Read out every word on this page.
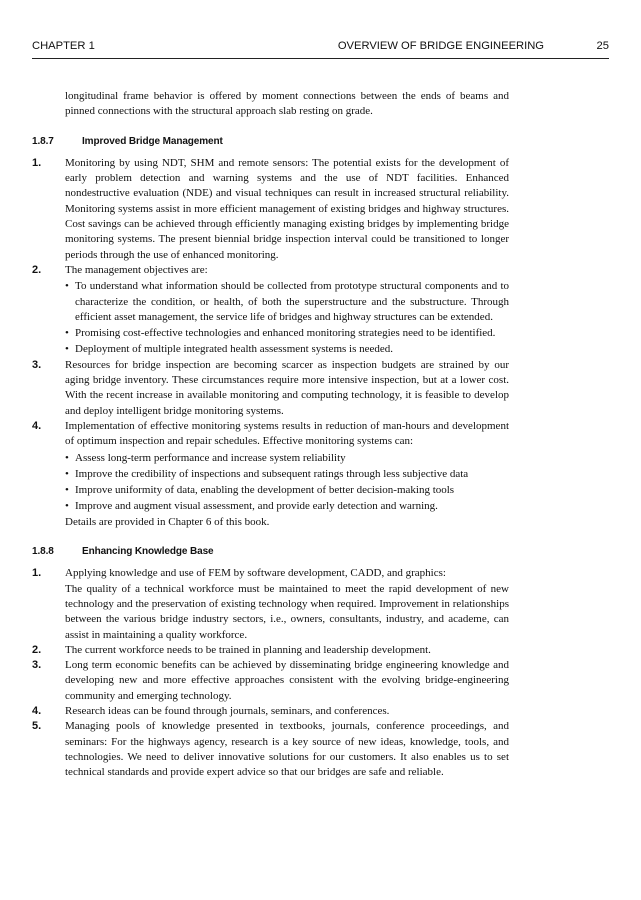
CHAPTER 1	OVERVIEW OF BRIDGE ENGINEERING	25

longitudinal frame behavior is offered by moment connections between the ends of beams and pinned connections with the structural approach slab resting on grade.

1.8.7	Improved Bridge Management
1.	Monitoring by using NDT, SHM and remote sensors: The potential exists for the development of early problem detection and warning systems and the use of NDT facilities. Enhanced nondestructive evaluation (NDE) and visual techniques can result in increased structural reliability. Monitoring systems assist in more efficient management of existing bridges and highway structures. Cost savings can be achieved through efficiently managing existing bridges by implementing bridge monitoring systems. The present biennial bridge inspection interval could be transitioned to longer periods through the use of enhanced monitoring.
2.	The management objectives are:
• To understand what information should be collected from prototype structural components and to characterize the condition, or health, of both the superstructure and the substructure. Through efficient asset management, the service life of bridges and highway structures can be extended.
• Promising cost-effective technologies and enhanced monitoring strategies need to be identified.
• Deployment of multiple integrated health assessment systems is needed.
3.	Resources for bridge inspection are becoming scarcer as inspection budgets are strained by our aging bridge inventory. These circumstances require more intensive inspection, but at a lower cost. With the recent increase in available monitoring and computing technology, it is feasible to develop and deploy intelligent bridge monitoring systems.
4.	Implementation of effective monitoring systems results in reduction of man-hours and development of optimum inspection and repair schedules. Effective monitoring systems can:
• Assess long-term performance and increase system reliability
• Improve the credibility of inspections and subsequent ratings through less subjective data
• Improve uniformity of data, enabling the development of better decision-making tools
• Improve and augment visual assessment, and provide early detection and warning.

Details are provided in Chapter 6 of this book.

1.8.8	Enhancing Knowledge Base
1.	Applying knowledge and use of FEM by software development, CADD, and graphics:

The quality of a technical workforce must be maintained to meet the rapid development of new technology and the preservation of existing technology when required. Improvement in relationships between the various bridge industry sectors, i.e., owners, consultants, industry, and academe, can assist in maintaining a quality workforce.

2.	The current workforce needs to be trained in planning and leadership development.
3.	Long term economic benefits can be achieved by disseminating bridge engineering knowledge and developing new and more effective approaches consistent with the evolving bridge-engineering community and emerging technology.
4.	Research ideas can be found through journals, seminars, and conferences.
5.	Managing pools of knowledge presented in textbooks, journals, conference proceedings, and seminars: For the highways agency, research is a key source of new ideas, knowledge, tools, and technologies. We need to deliver innovative solutions for our customers. It also enables us to set technical standards and provide expert advice so that our bridges are safe and reliable.
